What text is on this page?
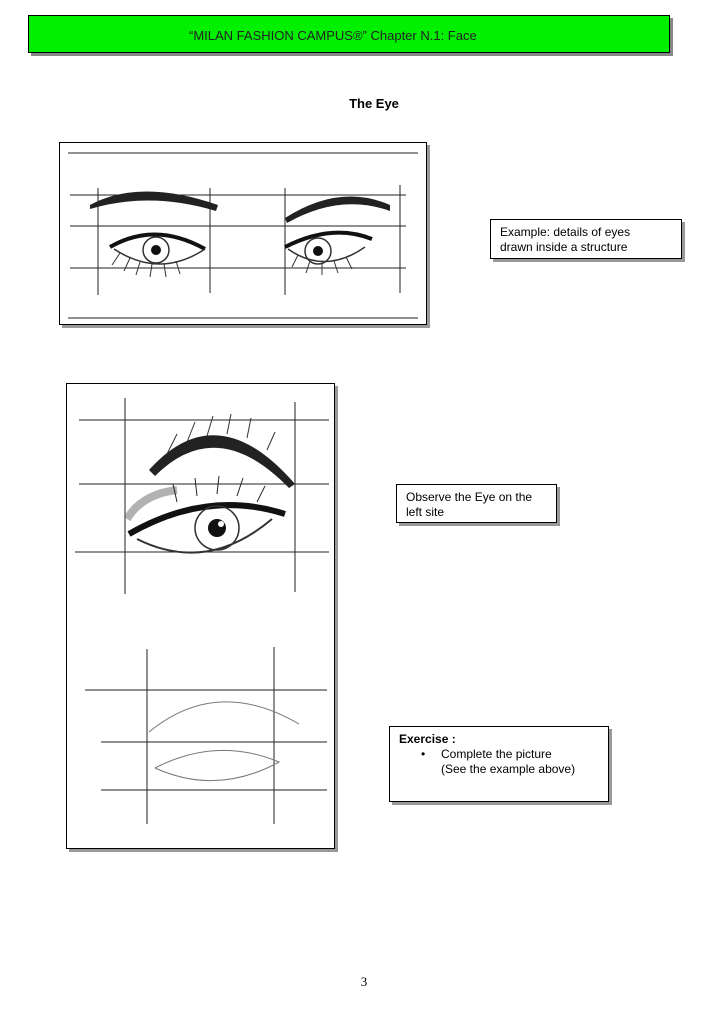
“MILAN FASHION CAMPUS®” Chapter N.1: Face
The Eye

Example: details of eyes

drawn inside a structure

Observe the Eye on the

left site

Exercise :

• Complete the picture

(See the example above)

3
